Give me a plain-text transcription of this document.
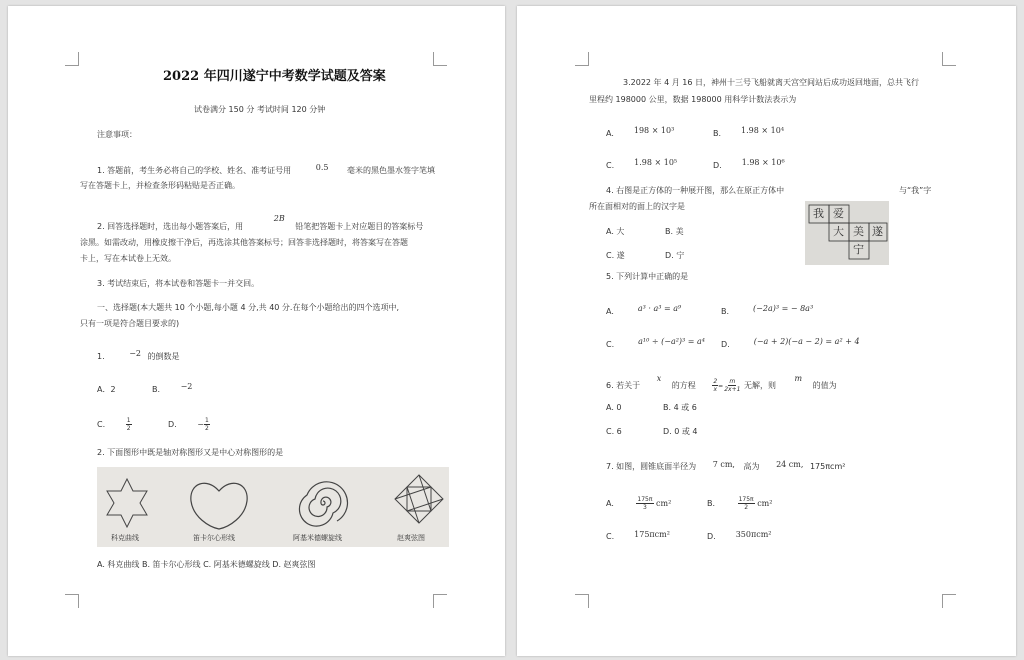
2022 年四川遂宁中考数学试题及答案
试卷满分 150 分 考试时间 120 分钟
注意事项：
1. 答题前，考生务必将自己的学校、姓名、准考证号用	0.5 毫米的黑色墨水签字笔填
写在答题卡上，并检查条形码粘贴是否正确。
2. 回答选择题时，选出每小题答案后，用 2B 铅笔把答题卡上对应题目的答案标号
涂黑。如需改动，用橡皮擦干净后，再选涂其他答案标号；回答非选择题时，将答案写在答题
卡上，写在本试卷上无效。
3. 考试结束后，将本试卷和答题卡一并交回。
一、选择题(本大题共 10 个小题,每小题 4 分,共 40 分.在每个小题给出的四个选项中,
只有一项是符合题目要求的)
1.	−2 的倒数是
A．2	B.	−2
C.	$\frac{1}{2}$	D.	− $\frac{1}{2}$
2. 下面图形中既是轴对称图形又是中心对称图形的是
科克曲线	笛卡尔心形线	阿基米德螺旋线	赵爽弦图
A. 科克曲线 B. 笛卡尔心形线 C. 阿基米德螺旋线 D. 赵爽弦图
3.2022 年 4 月 16 日，神州十三号飞船就离天宫空间站后成功返回地面，总共飞行
里程约 198000 公里，数据 198000 用科学计数法表示为
A.	198 × 10³	B.	1.98 × 10⁴
C.	1.98 × 10⁵	D.	1.98 × 10⁶
4. 右图是正方体的一种展开图，那么在原正方体中	与“我”字
所在面相对的面上的汉字是
A. 大	B. 美
C. 遂	D. 宁
我 爱
大 美 遂
宁
5. 下列计算中正确的是
A.	a³ · a³ = a⁹	B.	(−2a)³ = − 8a³
C.	a¹⁰ ÷ (−a²)³ = a⁴ D.	(−a + 2)(−a − 2) = a² + 4
6. 若关于 x 的方程	$\frac{2}{x} = \frac{m}{2x+1}$ 无解，则 m 的值为
A. 0	B. 4 或 6
C. 6	D. 0 或 4
7. 如图，圆锥底面半径为 7 cm, 高为 24 cm, 175πcm²
A.	$\frac{175\pi}{3} cm^2$	B.	$\frac{175\pi}{2} cm^2$
C.	175πcm²	D.	350πcm²
